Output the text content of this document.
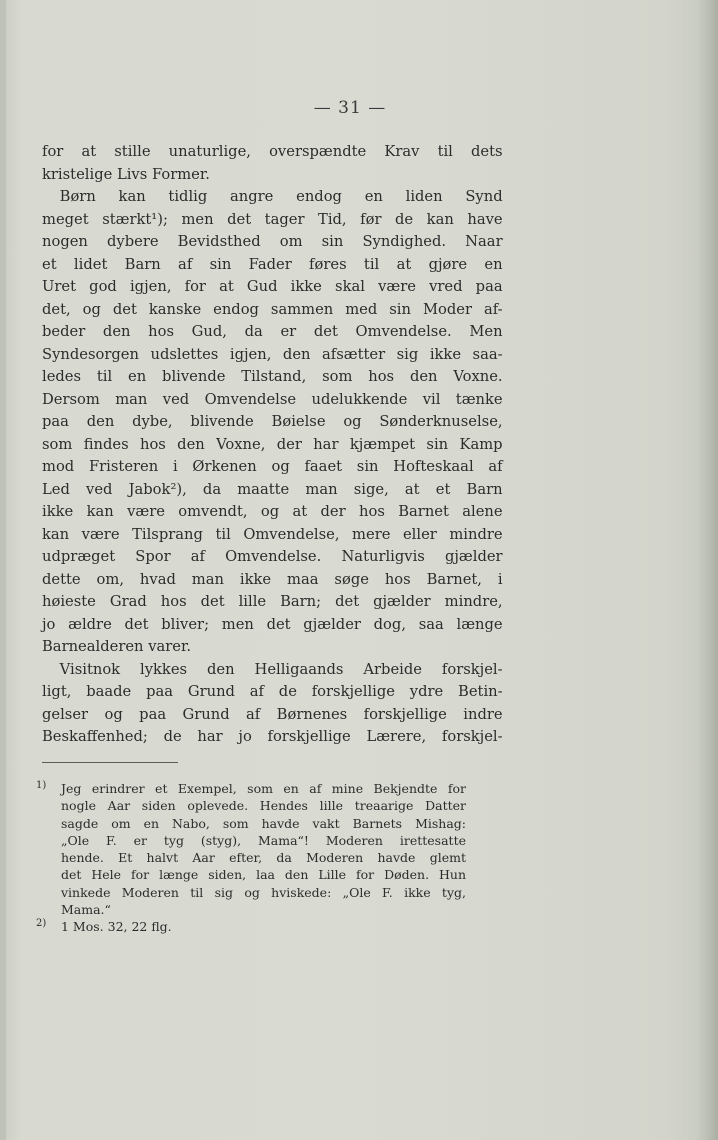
— 31 —
for at stille unaturlige, overspændte Krav til dets
kristelige Livs Former.
Børn kan tidlig angre endog en liden Synd
meget stærkt¹); men det tager Tid, før de kan have
nogen dybere Bevidsthed om sin Syndighed. Naar
et lidet Barn af sin Fader føres til at gjøre en
Uret god igjen, for at Gud ikke skal være vred paa
det, og det kanske endog sammen med sin Moder af-
beder den hos Gud, da er det Omvendelse. Men
Syndesorgen udslettes igjen, den afsætter sig ikke saa-
ledes til en blivende Tilstand, som hos den Voxne.
Dersom man ved Omvendelse udelukkende vil tænke
paa den dybe, blivende Bøielse og Sønderknuselse,
som findes hos den Voxne, der har kjæmpet sin Kamp
mod Fristeren i Ørkenen og faaet sin Hofteskaal af
Led ved Jabok²), da maatte man sige, at et Barn
ikke kan være omvendt, og at der hos Barnet alene
kan være Tilsprang til Omvendelse, mere eller mindre
udpræget Spor af Omvendelse. Naturligvis gjælder
dette om, hvad man ikke maa søge hos Barnet, i
høieste Grad hos det lille Barn; det gjælder mindre,
jo ældre det bliver; men det gjælder dog, saa længe
Barnealderen varer.
Visitnok lykkes den Helligaands Arbeide forskjel-
ligt, baade paa Grund af de forskjellige ydre Betin-
gelser og paa Grund af Børnenes forskjellige indre
Beskaffenhed; de har jo forskjellige Lærere, forskjel-
1) Jeg erindrer et Exempel, som en af mine Bekjendte for
nogle Aar siden oplevede. Hendes lille treaarige Datter
sagde om en Nabo, som havde vakt Barnets Mishag:
„Ole F. er tyg (styg), Mama“! Moderen irettesatte
hende. Et halvt Aar efter, da Moderen havde glemt
det Hele for længe siden, laa den Lille for Døden. Hun
vinkede Moderen til sig og hviskede: „Ole F. ikke tyg,
Mama.“
2) 1 Mos. 32, 22 flg.
